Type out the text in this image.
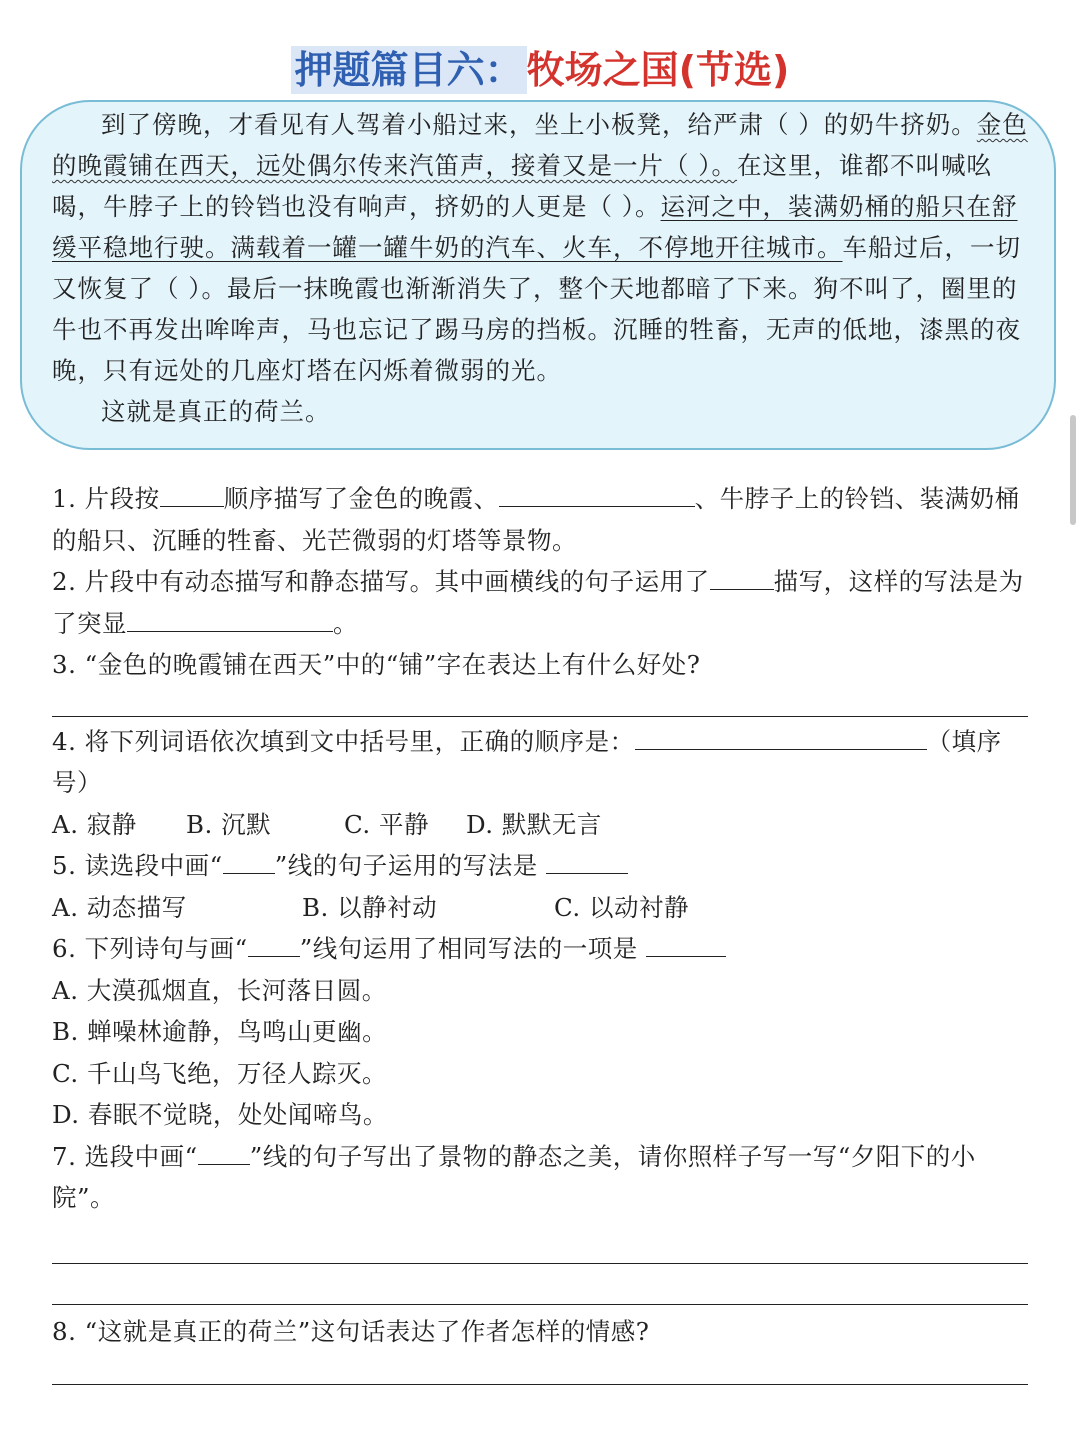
押题篇目六： 牧场之国(节选)

到了傍晚，才看见有人驾着小船过来，坐上小板凳，给严肃（ ）的奶牛挤奶。金色的晚霞铺在西天，远处偶尔传来汽笛声，接着又是一片（ ）。在这里，谁都不叫喊吆喝，牛脖子上的铃铛也没有响声，挤奶的人更是（ ）。运河之中，装满奶桶的船只在舒缓平稳地行驶。满载着一罐一罐牛奶的汽车、火车，不停地开往城市。车船过后，一切又恢复了（ ）。最后一抹晚霞也渐渐消失了，整个天地都暗了下来。狗不叫了，圈里的牛也不再发出哞哞声，马也忘记了踢马房的挡板。沉睡的牲畜，无声的低地，漆黑的夜晚，只有远处的几座灯塔在闪烁着微弱的光。

这就是真正的荷兰。

1. 片段按	顺序描写了金色的晚霞、	、牛脖子上的铃铛、装满奶桶的船只、沉睡的牲畜、光芒微弱的灯塔等景物。

2. 片段中有动态描写和静态描写。其中画横线的句子运用了	描写，这样的写法是为了突显	。

3. “金色的晚霞铺在西天”中的“铺”字在表达上有什么好处?

4. 将下列词语依次填到文中括号里，正确的顺序是：	（填序号）

A. 寂静 B. 沉默	C. 平静 D. 默默无言

5. 读选段中画“ ”线的句子运用的写法是

A. 动态描写	B. 以静衬动	C. 以动衬静

6. 下列诗句与画“ ”线句运用了相同写法的一项是

A. 大漠孤烟直，长河落日圆。

B. 蝉噪林逾静，鸟鸣山更幽。

C. 千山鸟飞绝，万径人踪灭。

D. 春眠不觉晓，处处闻啼鸟。

7. 选段中画“ ”线的句子写出了景物的静态之美，请你照样子写一写“夕阳下的小院”。

8. “这就是真正的荷兰”这句话表达了作者怎样的情感?
